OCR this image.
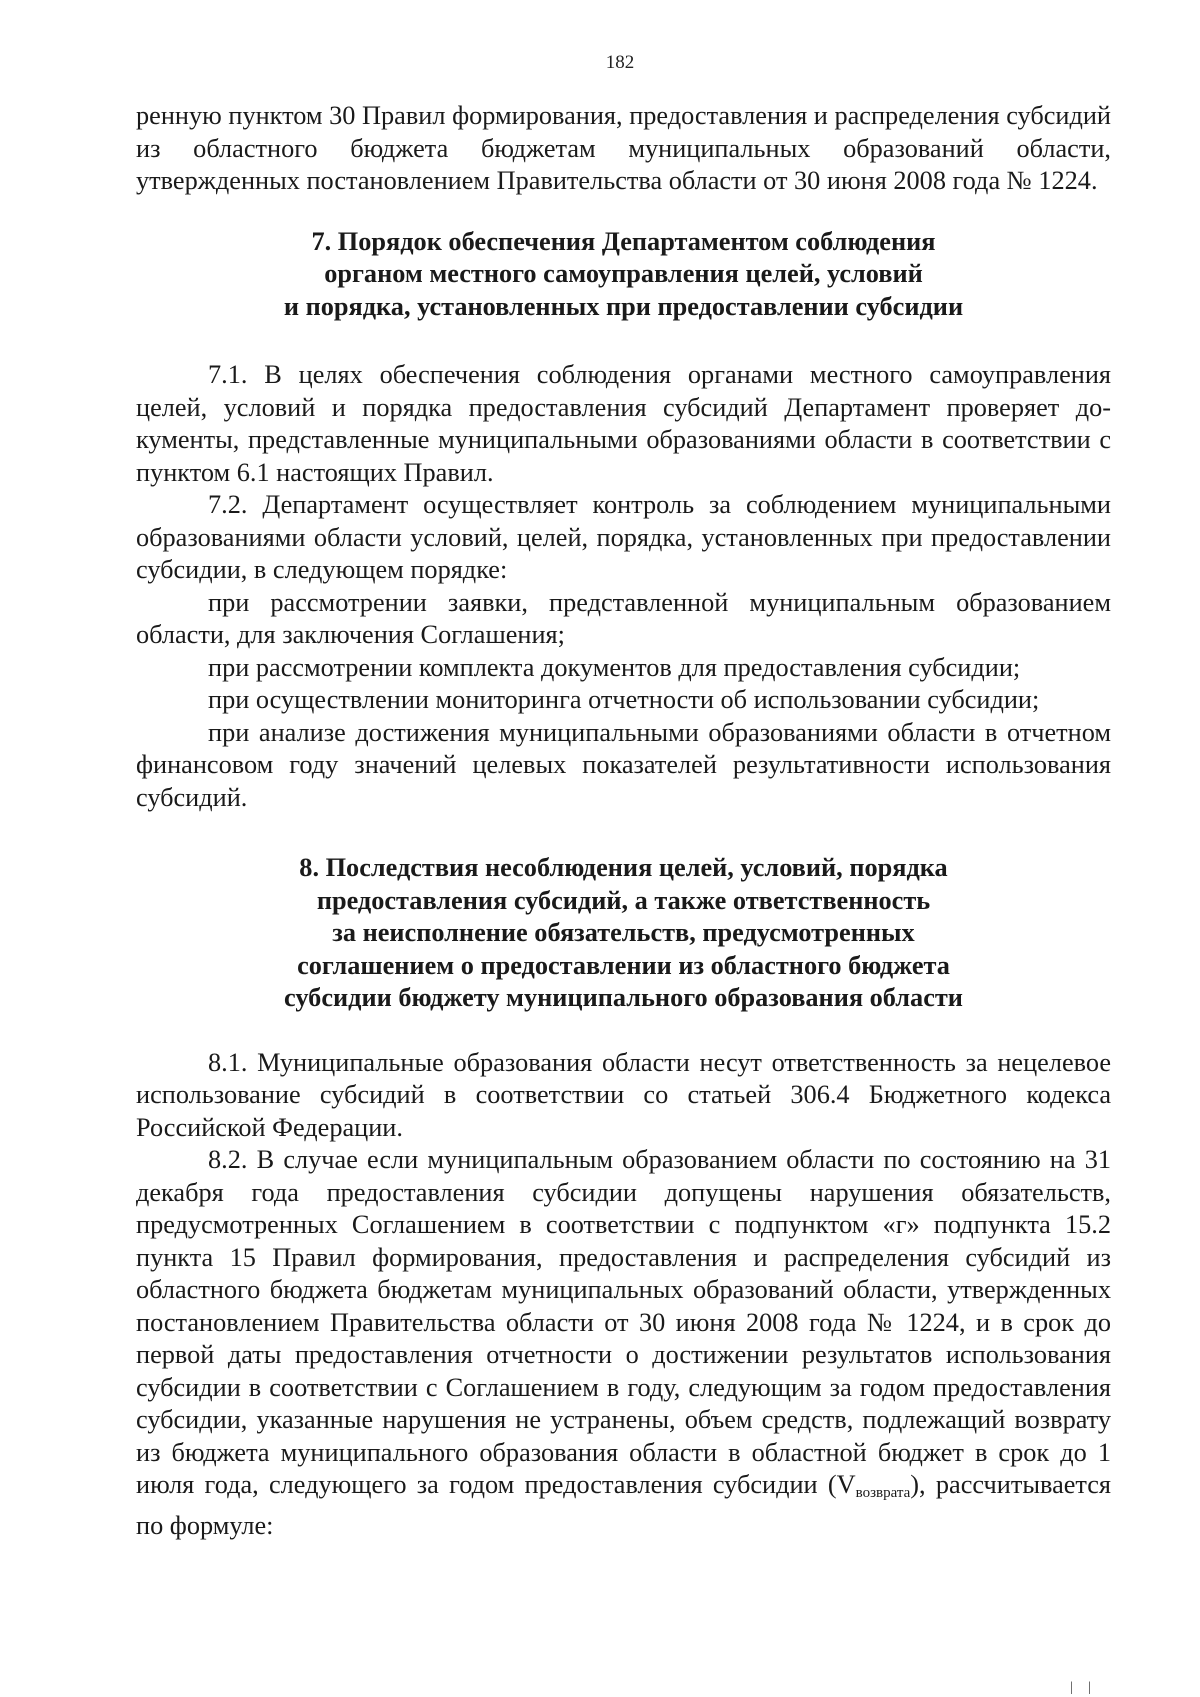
182

ренную пунктом 30 Правил формирования, предоставления и распределения субсидий из областного бюджета бюджетам муниципальных образований области, утвержденных постановлением Правительства области от 30 июня 2008 года № 1224.

7. Порядок обеспечения Департаментом соблюдения
органом местного самоуправления целей, условий
и порядка, установленных при предоставлении субсидии

7.1. В целях обеспечения соблюдения органами местного самоуправления целей, условий и порядка предоставления субсидий Департамент проверяет документы, представленные муниципальными образованиями области в соответствии с пунктом 6.1 настоящих Правил.

7.2. Департамент осуществляет контроль за соблюдением муниципальными образованиями области условий, целей, порядка, установленных при предоставлении субсидии, в следующем порядке:

при рассмотрении заявки, представленной муниципальным образованием области, для заключения Соглашения;

при рассмотрении комплекта документов для предоставления субсидии;

при осуществлении мониторинга отчетности об использовании субсидии;

при анализе достижения муниципальными образованиями области в отчетном финансовом году значений целевых показателей результативности использования субсидий.

8. Последствия несоблюдения целей, условий, порядка
предоставления субсидий, а также ответственность
за неисполнение обязательств, предусмотренных
соглашением о предоставлении из областного бюджета
субсидии бюджету муниципального образования области

8.1. Муниципальные образования области несут ответственность за нецелевое использование субсидий в соответствии со статьей 306.4 Бюджетного кодекса Российской Федерации.

8.2. В случае если муниципальным образованием области по состоянию на 31 декабря года предоставления субсидии допущены нарушения обязательств, предусмотренных Соглашением в соответствии с подпунктом «г» подпункта 15.2 пункта 15 Правил формирования, предоставления и распределения субсидий из областного бюджета бюджетам муниципальных образований области, утвержденных постановлением Правительства области от 30 июня 2008 года № 1224, и в срок до первой даты предоставления отчетности о достижении результатов использования субсидии в соответствии с Соглашением в году, следующим за годом предоставления субсидии, указанные нарушения не устранены, объем средств, подлежащий возврату из бюджета муниципального образования области в областной бюджет в срок до 1 июля года, следующего за годом предоставления субсидии $(V_{возврата})$, рассчитывается по формуле:

| |
